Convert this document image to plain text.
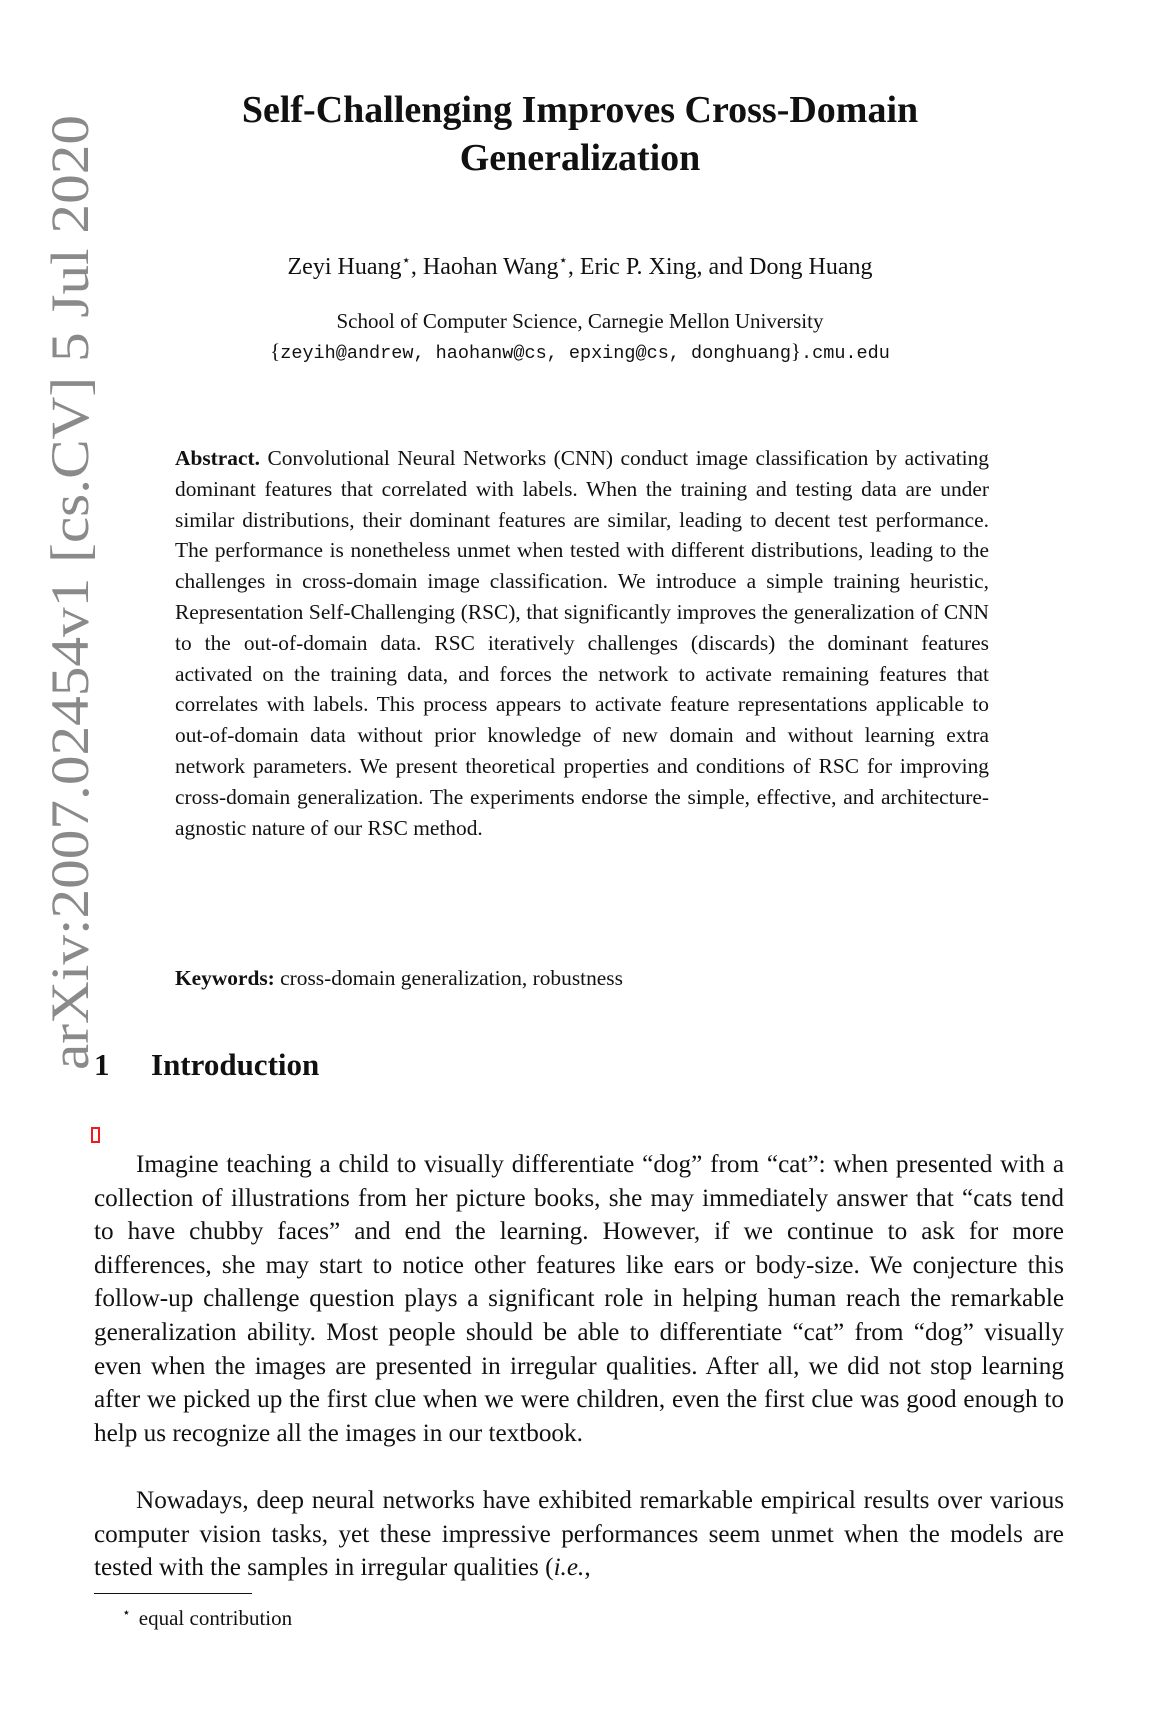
arXiv:2007.02454v1 [cs.CV] 5 Jul 2020
Self-Challenging Improves Cross-Domain
Generalization
Zeyi Huang⋆, Haohan Wang⋆, Eric P. Xing, and Dong Huang
School of Computer Science, Carnegie Mellon University
{zeyih@andrew, haohanw@cs, epxing@cs, donghuang}.cmu.edu

Abstract. Convolutional Neural Networks (CNN) conduct image classification by activating dominant features that correlated with labels. When the training and testing data are under similar distributions, their dominant features are similar, leading to decent test performance. The performance is nonetheless unmet when tested with different distributions, leading to the challenges in cross-domain image classification. We introduce a simple training heuristic, Representation Self-Challenging (RSC), that significantly improves the generalization of CNN to the out-of-domain data. RSC iteratively challenges (discards) the dominant features activated on the training data, and forces the network to activate remaining features that correlates with labels. This process appears to activate feature representations applicable to out-of-domain data without prior knowledge of new domain and without learning extra network parameters. We present theoretical properties and conditions of RSC for improving cross-domain generalization. The experiments endorse the simple, effective, and architecture-agnostic nature of our RSC method.

Keywords: cross-domain generalization, robustness
1 Introduction

Imagine teaching a child to visually differentiate “dog” from “cat”: when presented with a collection of illustrations from her picture books, she may immediately answer that “cats tend to have chubby faces” and end the learning. However, if we continue to ask for more differences, she may start to notice other features like ears or body-size. We conjecture this follow-up challenge question plays a significant role in helping human reach the remarkable generalization ability. Most people should be able to differentiate “cat” from “dog” visually even when the images are presented in irregular qualities. After all, we did not stop learning after we picked up the first clue when we were children, even the first clue was good enough to help us recognize all the images in our textbook.

Nowadays, deep neural networks have exhibited remarkable empirical results over various computer vision tasks, yet these impressive performances seem unmet when the models are tested with the samples in irregular qualities (i.e.,

⋆ equal contribution
